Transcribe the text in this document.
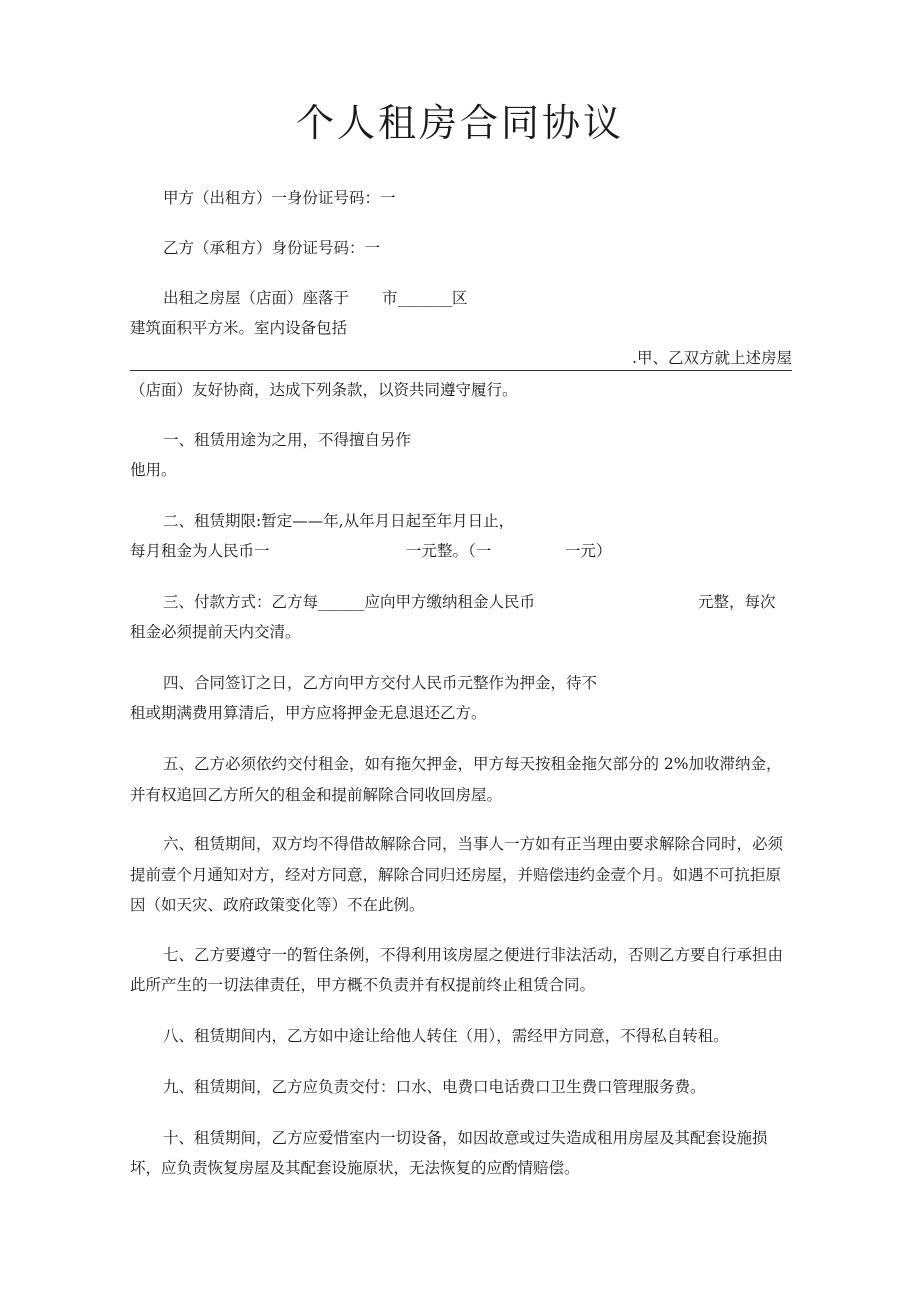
个人租房合同协议
甲方（出租方）一身份证号码：一
乙方（承租方）身份证号码：一
出租之房屋（店面）座落于 市 _______ 区
建筑面积平方米。室内设备包括
.甲、乙双方就上述房屋
（店面）友好协商，达成下列条款，以资共同遵守履行。
一、租赁用途为之用，不得擅自另作
他用。
二、租赁期限:暂定——年,从年月日起至年月日止，
每月租金为人民币一	一元整。（一	一元）
三、付款方式：乙方每______应向甲方缴纳租金人民币	元整，每次
租金必须提前天内交清。
四、合同签订之日，乙方向甲方交付人民币元整作为押金，待不
租或期满费用算清后，甲方应将押金无息退还乙方。
五、乙方必须依约交付租金，如有拖欠押金，甲方每天按租金拖欠部分的 2%加收滞纳金，
并有权追回乙方所欠的租金和提前解除合同收回房屋。
六、租赁期间，双方均不得借故解除合同，当事人一方如有正当理由要求解除合同时，必须
提前壹个月通知对方，经对方同意，解除合同归还房屋，并赔偿违约金壹个月。如遇不可抗拒原
因（如天灾、政府政策变化等）不在此例。
七、乙方要遵守一的暂住条例，不得利用该房屋之便进行非法活动，否则乙方要自行承担由
此所产生的一切法律责任，甲方概不负责并有权提前终止租赁合同。
八、租赁期间内，乙方如中途让给他人转住（用），需经甲方同意，不得私自转租。
九、租赁期间，乙方应负责交付：口水、电费口电话费口卫生费口管理服务费。
十、租赁期间，乙方应爱惜室内一切设备，如因故意或过失造成租用房屋及其配套设施损
坏，应负责恢复房屋及其配套设施原状，无法恢复的应酌情赔偿。
